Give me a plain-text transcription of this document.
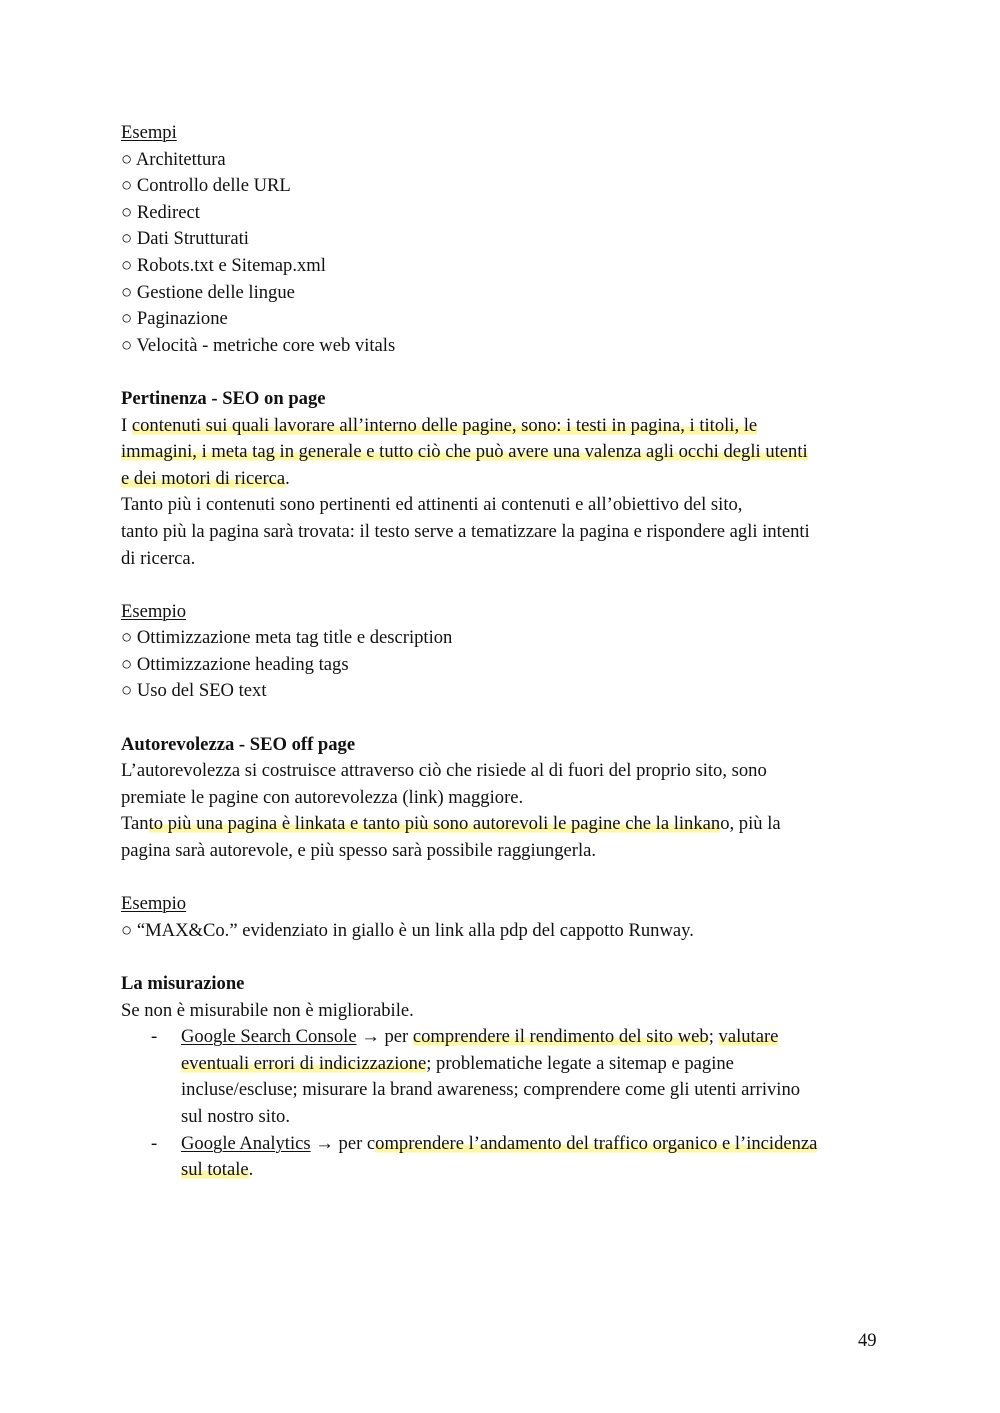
Esempi
○ Architettura
○ Controllo delle URL
○ Redirect
○ Dati Strutturati
○ Robots.txt e Sitemap.xml
○ Gestione delle lingue
○ Paginazione
○ Velocità - metriche core web vitals
Pertinenza - SEO on page
I contenuti sui quali lavorare all’interno delle pagine, sono: i testi in pagina, i titoli, le
immagini, i meta tag in generale e tutto ciò che può avere una valenza agli occhi degli utenti
e dei motori di ricerca.
Tanto più i contenuti sono pertinenti ed attinenti ai contenuti e all’obiettivo del sito,
tanto più la pagina sarà trovata: il testo serve a tematizzare la pagina e rispondere agli intenti
di ricerca.
Esempio
○ Ottimizzazione meta tag title e description
○ Ottimizzazione heading tags
○ Uso del SEO text
Autorevolezza - SEO off page
L’autorevolezza si costruisce attraverso ciò che risiede al di fuori del proprio sito, sono
premiate le pagine con autorevolezza (link) maggiore.
Tanto più una pagina è linkata e tanto più sono autorevoli le pagine che la linkano, più la
pagina sarà autorevole, e più spesso sarà possibile raggiungerla.
Esempio
○ “MAX&Co.” evidenziato in giallo è un link alla pdp del cappotto Runway.
La misurazione
Se non è misurabile non è migliorabile.
- Google Search Console → per comprendere il rendimento del sito web; valutare
eventuali errori di indicizzazione; problematiche legate a sitemap e pagine
incluse/escluse; misurare la brand awareness; comprendere come gli utenti arrivino
sul nostro sito.
- Google Analytics → per comprendere l’andamento del traffico organico e l’incidenza
sul totale.
49
